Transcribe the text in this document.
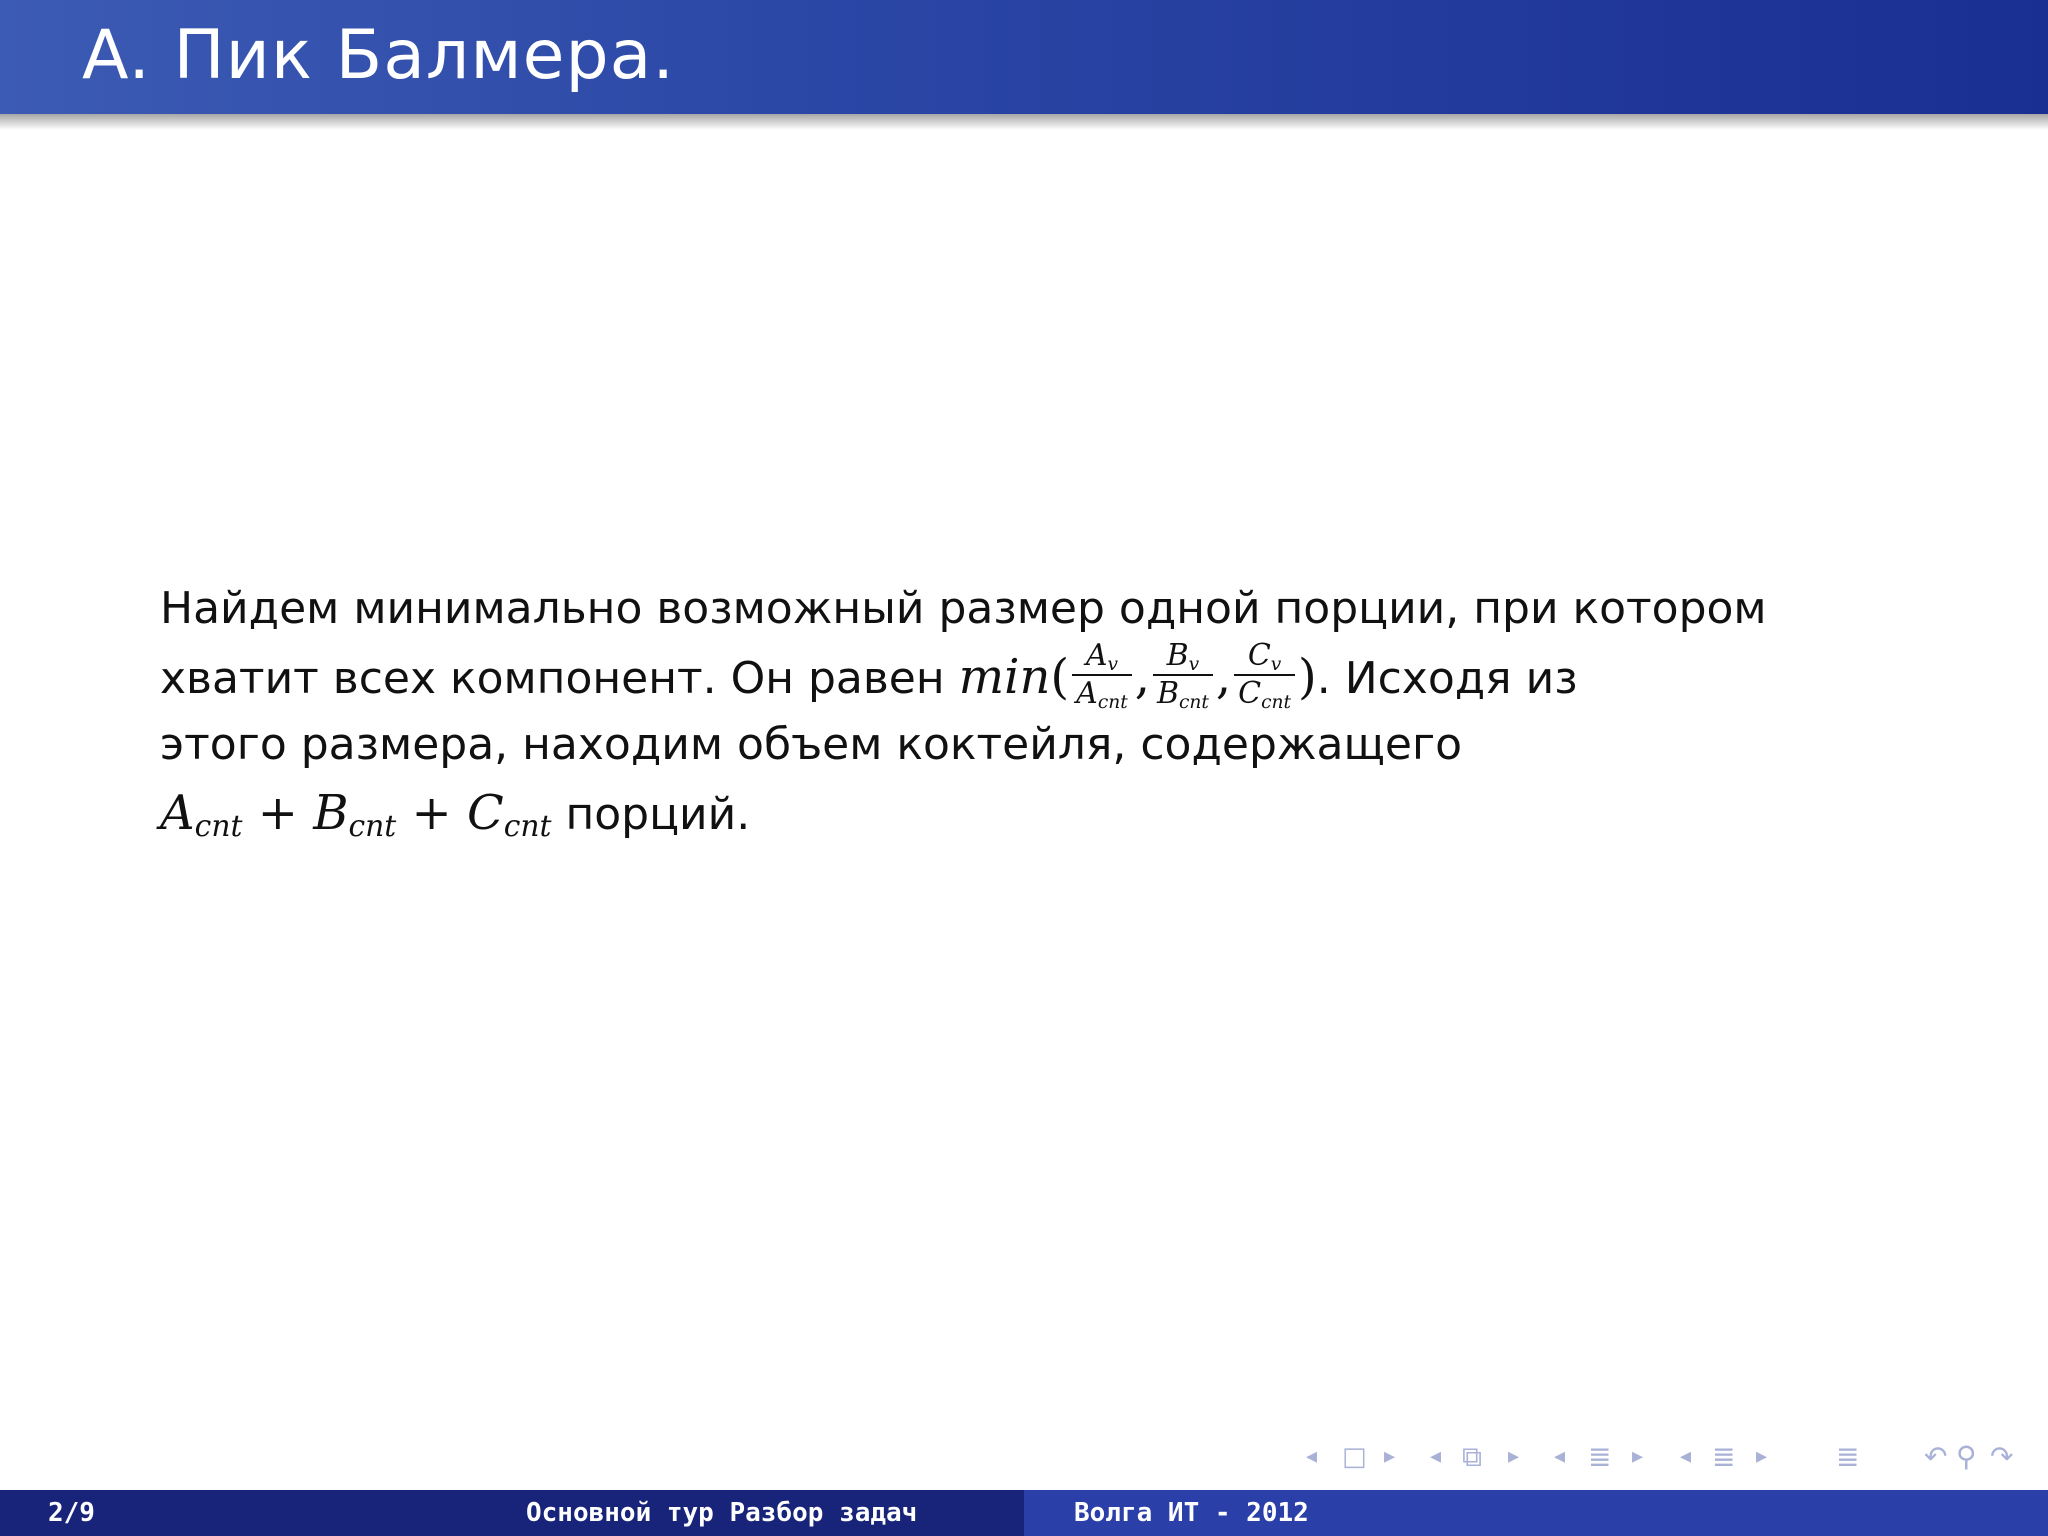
A. Пик Балмера.
Найдем минимально возможный размер одной порции, при котором
хватит всех компонент. Он равен $\min( \frac{A_v}{A_{cnt}}$ , $\frac{B_v}{B_{cnt}}$ , $\frac{C_v}{C_{cnt}}$ ). Исходя из
этого размера, находим объем коктейля, содержащего
$A_{cnt} + B_{cnt} + C_{cnt}$ порций.
◂ □ ▸ ◂ ⧉ ▸ ◂ ≣ ▸ ◂ ≣ ▸ ≣ ↶ ⚲ ↷
2/9	Основной тур Разбор задач	Волга ИТ - 2012
